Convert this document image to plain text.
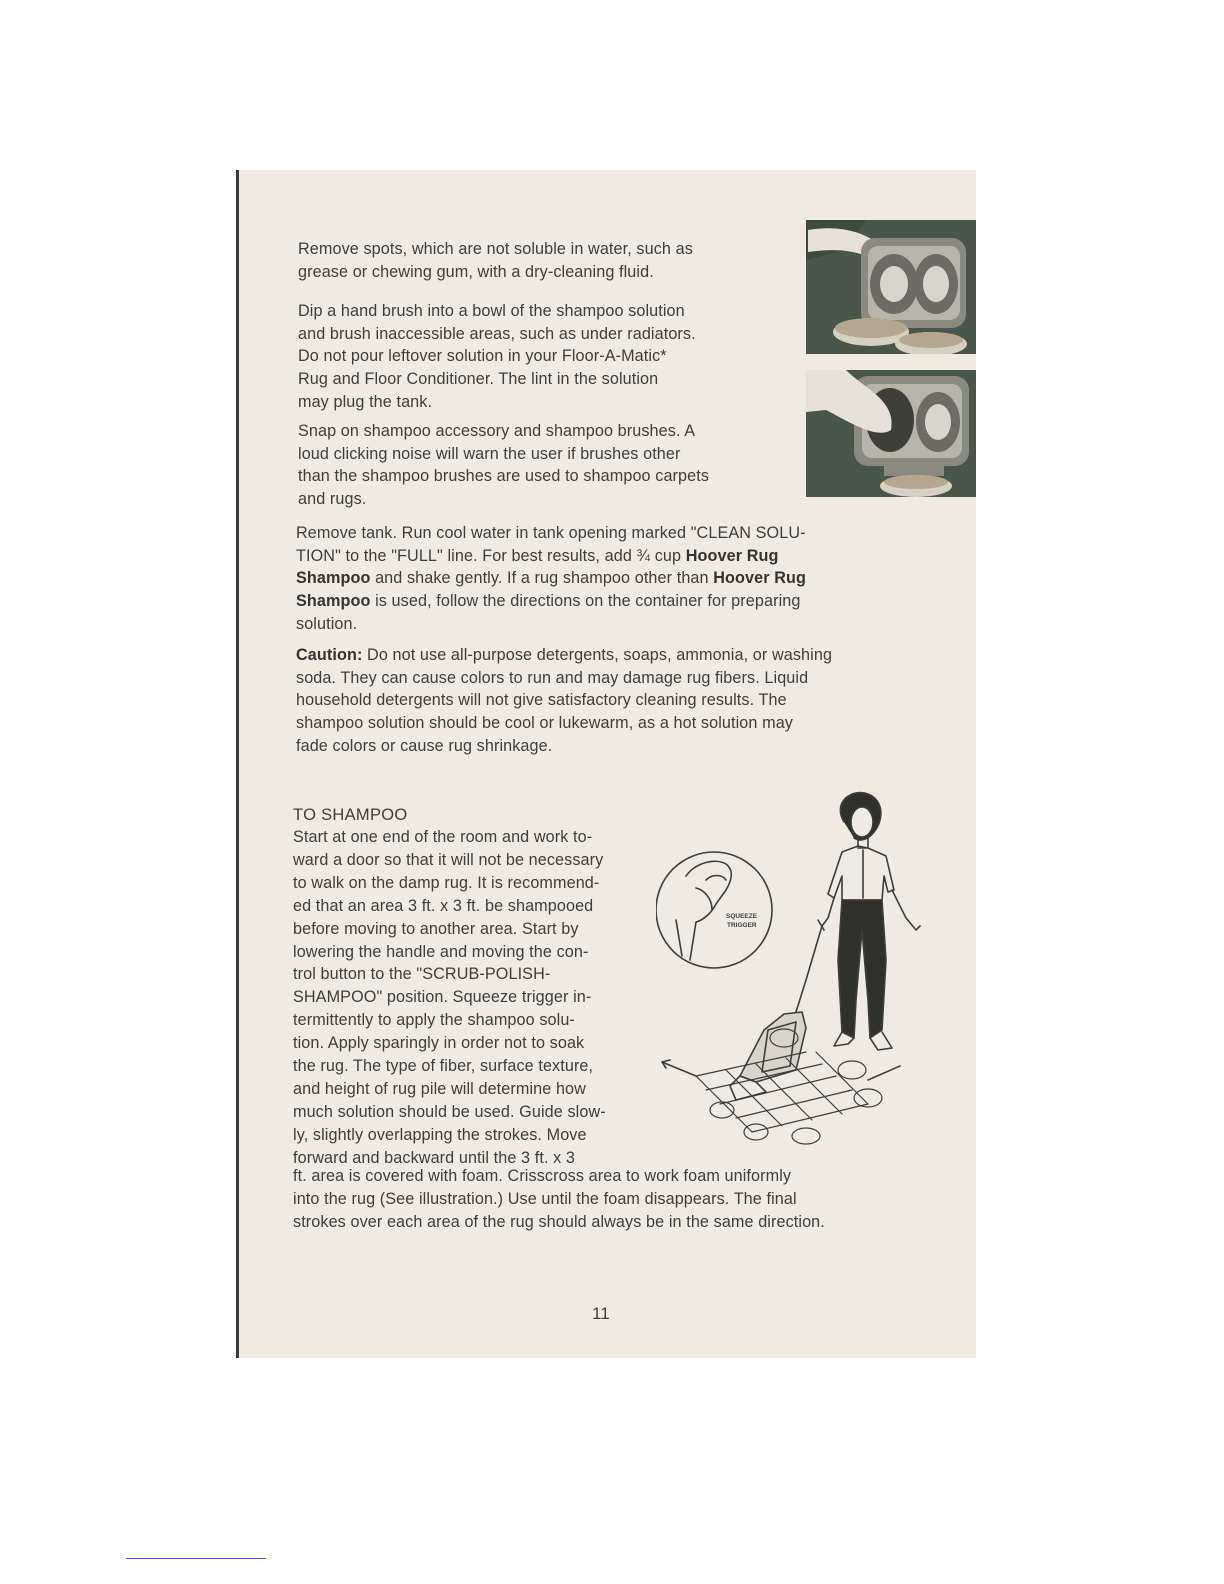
Remove spots, which are not soluble in water, such as
grease or chewing gum, with a dry-cleaning fluid.

Dip a hand brush into a bowl of the shampoo solution
and brush inaccessible areas, such as under radiators.
Do not pour leftover solution in your Floor-A-Matic*
Rug and Floor Conditioner. The lint in the solution
may plug the tank.

Snap on shampoo accessory and shampoo brushes. A
loud clicking noise will warn the user if brushes other
than the shampoo brushes are used to shampoo carpets
and rugs.

Remove tank. Run cool water in tank opening marked "CLEAN SOLU-
TION" to the "FULL" line. For best results, add ¾ cup Hoover Rug
Shampoo and shake gently. If a rug shampoo other than Hoover Rug
Shampoo is used, follow the directions on the container for preparing
solution.

Caution: Do not use all-purpose detergents, soaps, ammonia, or washing
soda. They can cause colors to run and may damage rug fibers. Liquid
household detergents will not give satisfactory cleaning results. The
shampoo solution should be cool or lukewarm, as a hot solution may
fade colors or cause rug shrinkage.

TO SHAMPOO

Start at one end of the room and work to-
ward a door so that it will not be necessary
to walk on the damp rug. It is recommend-
ed that an area 3 ft. x 3 ft. be shampooed
before moving to another area. Start by
lowering the handle and moving the con-
trol button to the "SCRUB-POLISH-
SHAMPOO" position. Squeeze trigger in-
termittently to apply the shampoo solu-
tion. Apply sparingly in order not to soak
the rug. The type of fiber, surface texture,
and height of rug pile will determine how
much solution should be used. Guide slow-
ly, slightly overlapping the strokes. Move
forward and backward until the 3 ft. x 3

ft. area is covered with foam. Crisscross area to work foam uniformly
into the rug (See illustration.) Use until the foam disappears. The final
strokes over each area of the rug should always be in the same direction.

SQUEEZE
TRIGGER
11
